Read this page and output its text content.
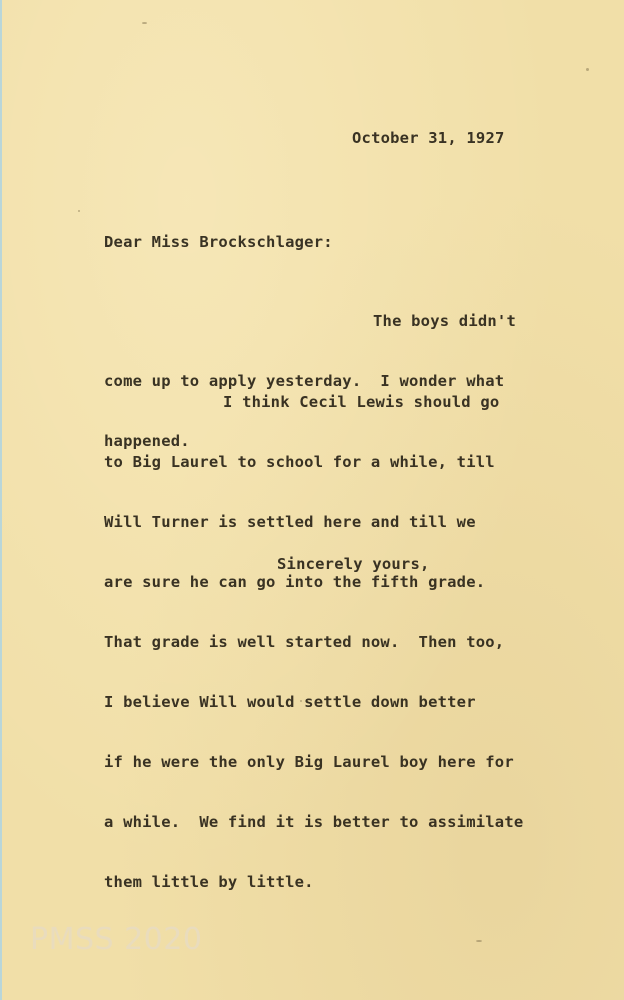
October 31, 1927
Dear Miss Brockschlager:

The boys didn't

come up to apply yesterday.  I wonder what

happened.

I think Cecil Lewis should go

to Big Laurel to school for a while, till

Will Turner is settled here and till we

are sure he can go into the fifth grade.

That grade is well started now.  Then too,

I believe Will would settle down better

if he were the only Big Laurel boy here for

a while.  We find it is better to assimilate

them little by little.

Sincerely yours,
PMSS 2020
